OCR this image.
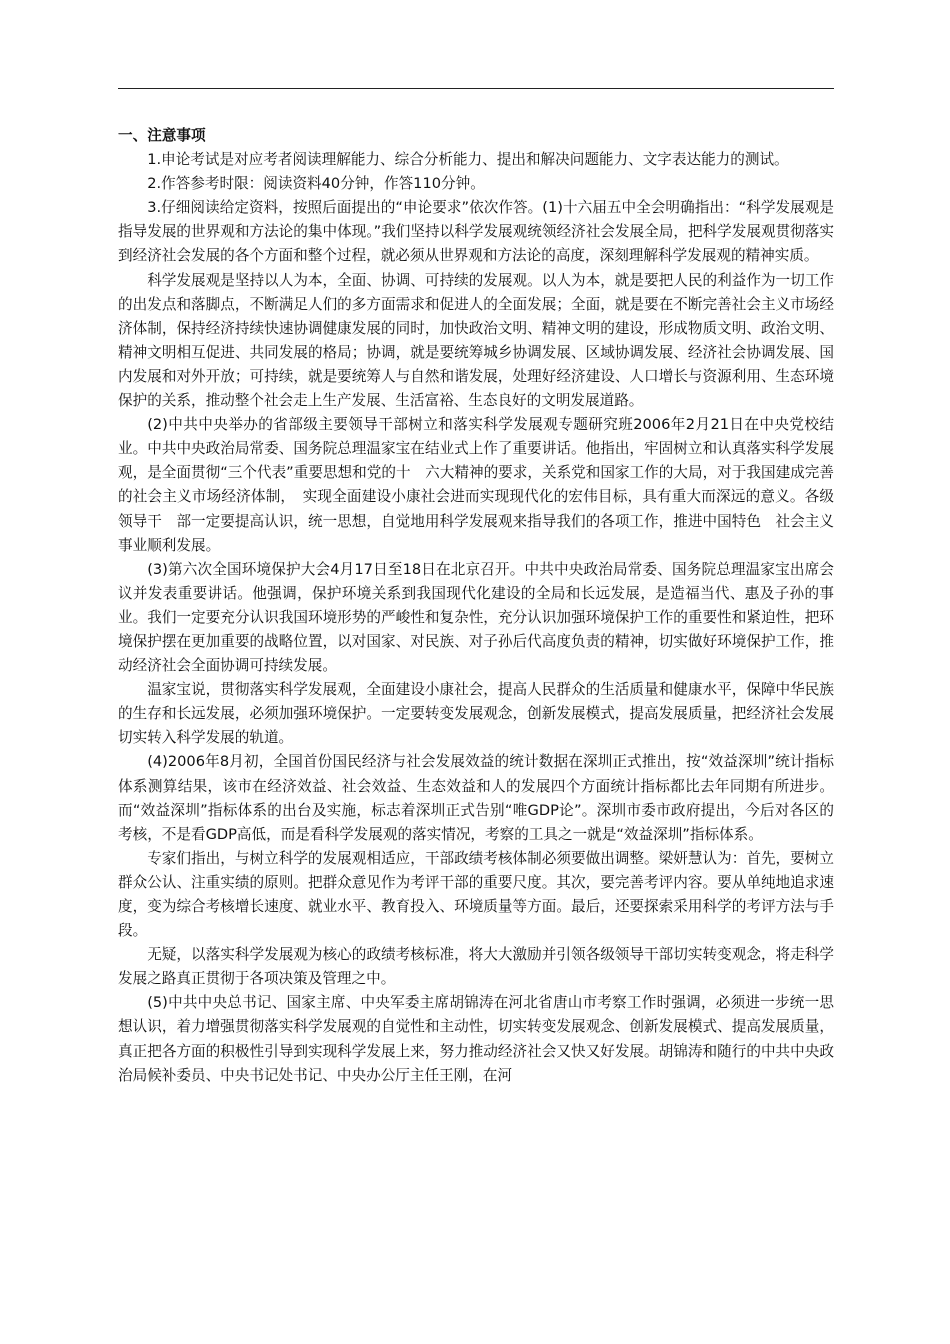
一、注意事项

1.申论考试是对应考者阅读理解能力、综合分析能力、提出和解决问题能力、文字表达能力的测试。

2.作答参考时限：阅读资料40分钟，作答110分钟。

3.仔细阅读给定资料，按照后面提出的“申论要求”依次作答。(1)十六届五中全会明确指出：“科学发展观是指导发展的世界观和方法论的集中体现。”我们坚持以科学发展观统领经济社会发展全局，把科学发展观贯彻落实到经济社会发展的各个方面和整个过程，就必须从世界观和方法论的高度，深刻理解科学发展观的精神实质。

科学发展观是坚持以人为本，全面、协调、可持续的发展观。以人为本，就是要把人民的利益作为一切工作的出发点和落脚点，不断满足人们的多方面需求和促进人的全面发展；全面，就是要在不断完善社会主义市场经济体制，保持经济持续快速协调健康发展的同时，加快政治文明、精神文明的建设，形成物质文明、政治文明、精神文明相互促进、共同发展的格局；协调，就是要统筹城乡协调发展、区域协调发展、经济社会协调发展、国内发展和对外开放；可持续，就是要统筹人与自然和谐发展，处理好经济建设、人口增长与资源利用、生态环境保护的关系，推动整个社会走上生产发展、生活富裕、生态良好的文明发展道路。

(2)中共中央举办的省部级主要领导干部树立和落实科学发展观专题研究班2006年2月21日在中央党校结业。中共中央政治局常委、国务院总理温家宝在结业式上作了重要讲话。他指出，牢固树立和认真落实科学发展观，是全面贯彻“三个代表”重要思想和党的十　六大精神的要求，关系党和国家工作的大局，对于我国建成完善的社会主义市场经济体制，　实现全面建设小康社会进而实现现代化的宏伟目标，具有重大而深远的意义。各级领导干　部一定要提高认识，统一思想，自觉地用科学发展观来指导我们的各项工作，推进中国特色　社会主义事业顺利发展。

(3)第六次全国环境保护大会4月17日至18日在北京召开。中共中央政治局常委、国务院总理温家宝出席会议并发表重要讲话。他强调，保护环境关系到我国现代化建设的全局和长远发展，是造福当代、惠及子孙的事业。我们一定要充分认识我国环境形势的严峻性和复杂性，充分认识加强环境保护工作的重要性和紧迫性，把环境保护摆在更加重要的战略位置，以对国家、对民族、对子孙后代高度负责的精神，切实做好环境保护工作，推动经济社会全面协调可持续发展。

温家宝说，贯彻落实科学发展观，全面建设小康社会，提高人民群众的生活质量和健康水平，保障中华民族的生存和长远发展，必须加强环境保护。一定要转变发展观念，创新发展模式，提高发展质量，把经济社会发展切实转入科学发展的轨道。

(4)2006年8月初，全国首份国民经济与社会发展效益的统计数据在深圳正式推出，按“效益深圳”统计指标体系测算结果，该市在经济效益、社会效益、生态效益和人的发展四个方面统计指标都比去年同期有所进步。而“效益深圳”指标体系的出台及实施，标志着深圳正式告别“唯GDP论”。深圳市委市政府提出，今后对各区的考核，不是看GDP高低，而是看科学发展观的落实情况，考察的工具之一就是“效益深圳”指标体系。

专家们指出，与树立科学的发展观相适应，干部政绩考核体制必须要做出调整。梁妍慧认为：首先，要树立群众公认、注重实绩的原则。把群众意见作为考评干部的重要尺度。其次，要完善考评内容。要从单纯地追求速度，变为综合考核增长速度、就业水平、教育投入、环境质量等方面。最后，还要探索采用科学的考评方法与手段。

无疑，以落实科学发展观为核心的政绩考核标准，将大大激励并引领各级领导干部切实转变观念，将走科学发展之路真正贯彻于各项决策及管理之中。

(5)中共中央总书记、国家主席、中央军委主席胡锦涛在河北省唐山市考察工作时强调，必须进一步统一思想认识，着力增强贯彻落实科学发展观的自觉性和主动性，切实转变发展观念、创新发展模式、提高发展质量，真正把各方面的积极性引导到实现科学发展上来，努力推动经济社会又快又好发展。胡锦涛和随行的中共中央政治局候补委员、中央书记处书记、中央办公厅主任王刚，在河
